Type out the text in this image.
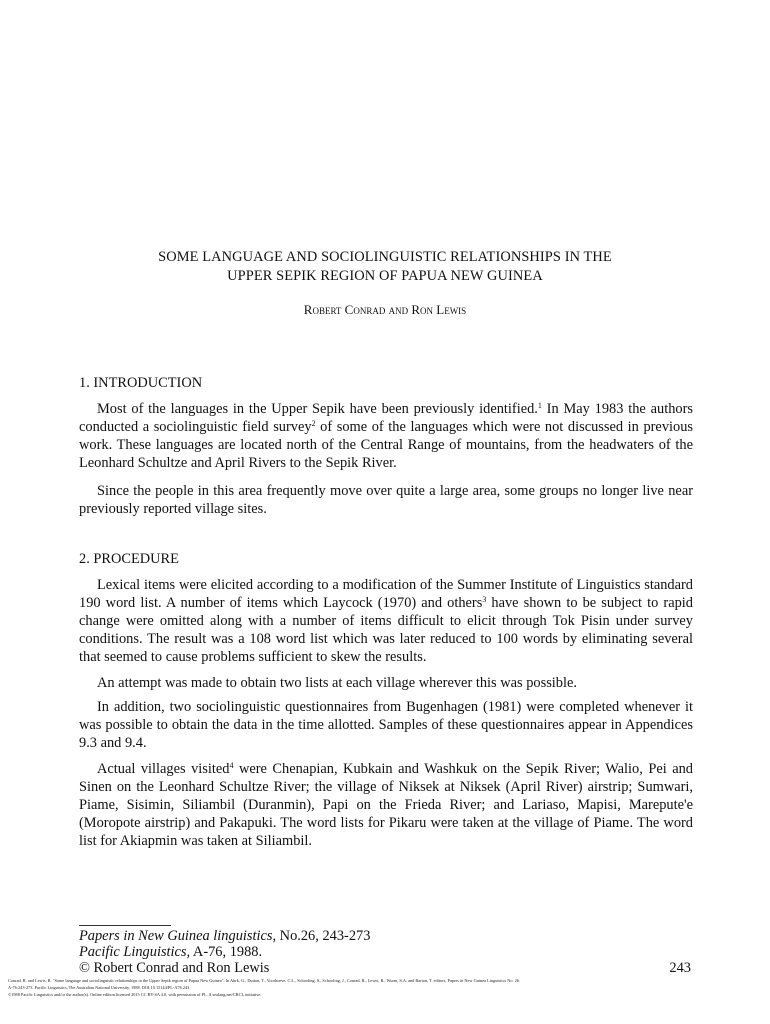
SOME LANGUAGE AND SOCIOLINGUISTIC RELATIONSHIPS IN THE
UPPER SEPIK REGION OF PAPUA NEW GUINEA
Robert Conrad and Ron Lewis
1. INTRODUCTION
Most of the languages in the Upper Sepik have been previously identified.$^1$ In May 1983 the authors conducted a sociolinguistic field survey$^2$ of some of the languages which were not discussed in previous work. These languages are located north of the Central Range of mountains, from the headwaters of the Leonhard Schultze and April Rivers to the Sepik River.
Since the people in this area frequently move over quite a large area, some groups no longer live near previously reported village sites.
2. PROCEDURE
Lexical items were elicited according to a modification of the Summer Institute of Linguistics standard 190 word list. A number of items which Laycock (1970) and others$^3$ have shown to be subject to rapid change were omitted along with a number of items difficult to elicit through Tok Pisin under survey conditions. The result was a 108 word list which was later reduced to 100 words by eliminating several that seemed to cause problems sufficient to skew the results.
An attempt was made to obtain two lists at each village wherever this was possible.
In addition, two sociolinguistic questionnaires from Bugenhagen (1981) were completed whenever it was possible to obtain the data in the time allotted. Samples of these questionnaires appear in Appendices 9.3 and 9.4.
Actual villages visited$^4$ were Chenapian, Kubkain and Washkuk on the Sepik River; Walio, Pei and Sinen on the Leonhard Schultze River; the village of Niksek at Niksek (April River) airstrip; Sumwari, Piame, Sisimin, Siliambil (Duranmin), Papi on the Frieda River; and Lariaso, Mapisi, Marepute'e (Moropote airstrip) and Pakapuki. The word lists for Pikaru were taken at the village of Piame. The word list for Akiapmin was taken at Siliambil.
Papers in New Guinea linguistics, No.26, 243-273
Pacific Linguistics, A-76, 1988.
© Robert Conrad and Ron Lewis	243
Conrad, R. and Lewis, R. "Some language and sociolinguistic relationships in the Upper Sepik region of Papua New Guinea". In Ahrk, G., Dutton, T., Voorhoeve, C.L., Schooling, S., Schooling, J., Conrad, R., Lewis, R., Wurm, S.A. and Barton, T. editors, Papers in New Guinea Linguistics No. 26.
A-76:243-273. Pacific Linguistics, The Australian National University, 1988. DOI:10.15144/PL-A76.243
©1988 Pacific Linguistics and/or the author(s). Online edition licensed 2015 CC BY-SA 4.0, with permission of PL. A sealang.net/CRCL initiative.
